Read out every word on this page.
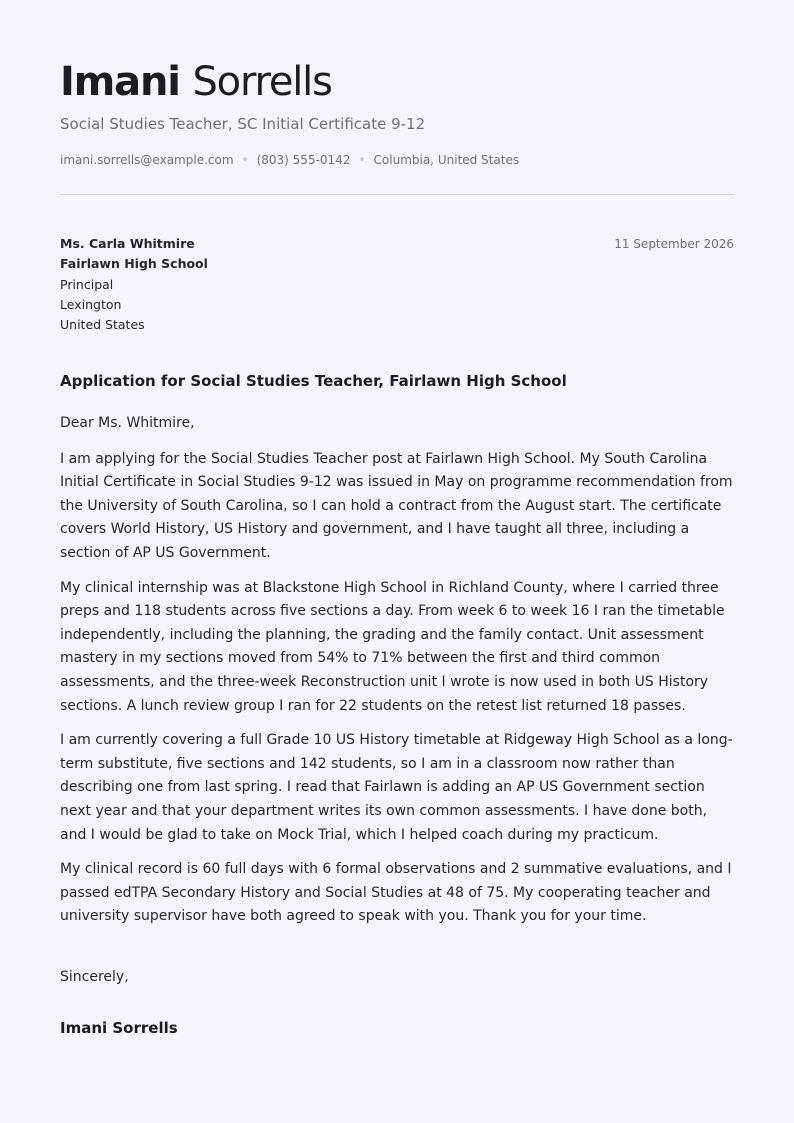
Imani Sorrells
Social Studies Teacher, SC Initial Certificate 9-12
imani.sorrells@example.com • (803) 555-0142 • Columbia, United States
Ms. Carla Whitmire
Fairlawn High School
Principal
Lexington
United States
11 September 2026
Application for Social Studies Teacher, Fairlawn High School

Dear Ms. Whitmire,

I am applying for the Social Studies Teacher post at Fairlawn High School. My South Carolina Initial Certificate in Social Studies 9-12 was issued in May on programme recommendation from the University of South Carolina, so I can hold a contract from the August start. The certificate covers World History, US History and government, and I have taught all three, including a section of AP US Government.

My clinical internship was at Blackstone High School in Richland County, where I carried three preps and 118 students across five sections a day. From week 6 to week 16 I ran the timetable independently, including the planning, the grading and the family contact. Unit assessment mastery in my sections moved from 54% to 71% between the first and third common assessments, and the three-week Reconstruction unit I wrote is now used in both US History sections. A lunch review group I ran for 22 students on the retest list returned 18 passes.

I am currently covering a full Grade 10 US History timetable at Ridgeway High School as a long-term substitute, five sections and 142 students, so I am in a classroom now rather than describing one from last spring. I read that Fairlawn is adding an AP US Government section next year and that your department writes its own common assessments. I have done both, and I would be glad to take on Mock Trial, which I helped coach during my practicum.

My clinical record is 60 full days with 6 formal observations and 2 summative evaluations, and I passed edTPA Secondary History and Social Studies at 48 of 75. My cooperating teacher and university supervisor have both agreed to speak with you. Thank you for your time.

Sincerely,
Imani Sorrells
